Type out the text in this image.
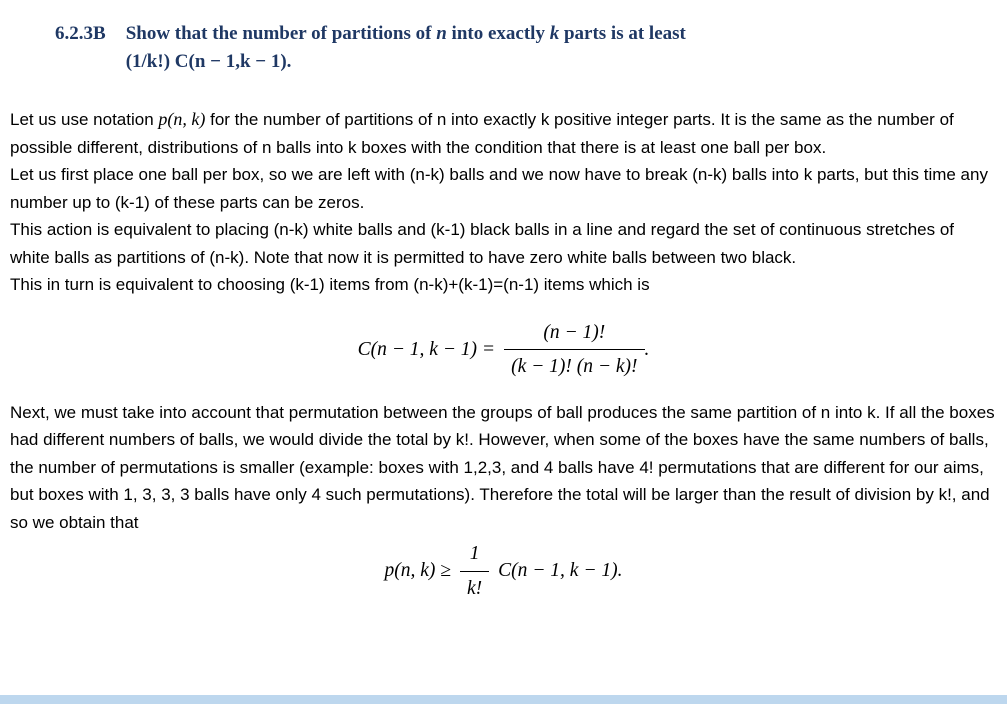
6.2.3B Show that the number of partitions of n into exactly k parts is at least
(1/k!) C(n − 1,k − 1).

Let us use notation p(n, k) for the number of partitions of n into exactly k positive integer parts. It is the same as the number of possible different, distributions of n balls into k boxes with the condition that there is at least one ball per box.

Let us first place one ball per box, so we are left with (n-k) balls and we now have to break (n-k) balls into k parts, but this time any number up to (k-1) of these parts can be zeros.

This action is equivalent to placing (n-k) white balls and (k-1) black balls in a line and regard the set of continuous stretches of white balls as partitions of (n-k). Note that now it is permitted to have zero white balls between two black.

This in turn is equivalent to choosing (k-1) items from (n-k)+(k-1)=(n-1) items which is

C(n − 1, $k - 1) = \frac{(n - 1)!}{(k - 1)! (n - k)!}$ .

Next, we must take into account that permutation between the groups of ball produces the same partition of n into k. If all the boxes had different numbers of balls, we would divide the total by k!. However, when some of the boxes have the same numbers of balls, the number of permutations is smaller (example: boxes with 1,2,3, and 4 balls have 4! permutations that are different for our aims, but boxes with 1, 3, 3, 3 balls have only 4 such permutations). Therefore the total will be larger than the result of division by k!, and so we obtain that

p(n, $k) \ge \frac{1}{k!} C(n - 1$, k − 1).
